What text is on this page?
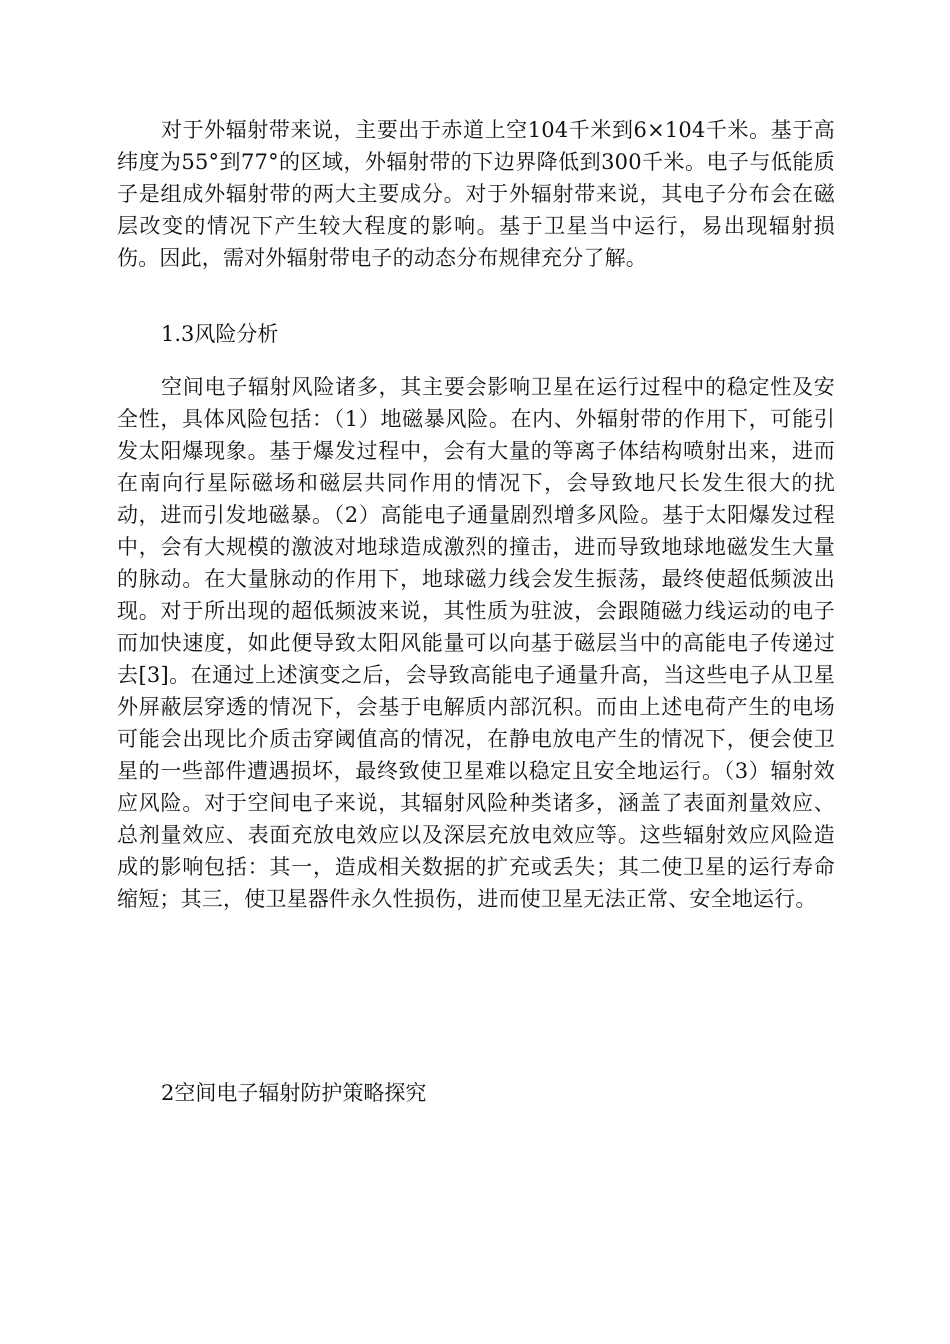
对于外辐射带来说，主要出于赤道上空104千米到6×104千米。基于高纬度为55°到77°的区域，外辐射带的下边界降低到300千米。电子与低能质子是组成外辐射带的两大主要成分。对于外辐射带来说，其电子分布会在磁层改变的情况下产生较大程度的影响。基于卫星当中运行，易出现辐射损伤。因此，需对外辐射带电子的动态分布规律充分了解。

1.3风险分析

空间电子辐射风险诸多，其主要会影响卫星在运行过程中的稳定性及安全性，具体风险包括：（1）地磁暴风险。在内、外辐射带的作用下，可能引发太阳爆现象。基于爆发过程中，会有大量的等离子体结构喷射出来，进而在南向行星际磁场和磁层共同作用的情况下，会导致地尺长发生很大的扰动，进而引发地磁暴。（2）高能电子通量剧烈增多风险。基于太阳爆发过程中，会有大规模的激波对地球造成激烈的撞击，进而导致地球地磁发生大量的脉动。在大量脉动的作用下，地球磁力线会发生振荡，最终使超低频波出现。对于所出现的超低频波来说，其性质为驻波，会跟随磁力线运动的电子而加快速度，如此便导致太阳风能量可以向基于磁层当中的高能电子传递过去[3]。在通过上述演变之后，会导致高能电子通量升高，当这些电子从卫星外屏蔽层穿透的情况下，会基于电解质内部沉积。而由上述电荷产生的电场可能会出现比介质击穿阈值高的情况，在静电放电产生的情况下，便会使卫星的一些部件遭遇损坏，最终致使卫星难以稳定且安全地运行。（3）辐射效应风险。对于空间电子来说，其辐射风险种类诸多，涵盖了表面剂量效应、总剂量效应、表面充放电效应以及深层充放电效应等。这些辐射效应风险造成的影响包括：其一，造成相关数据的扩充或丢失；其二使卫星的运行寿命缩短；其三，使卫星器件永久性损伤，进而使卫星无法正常、安全地运行。

2空间电子辐射防护策略探究
